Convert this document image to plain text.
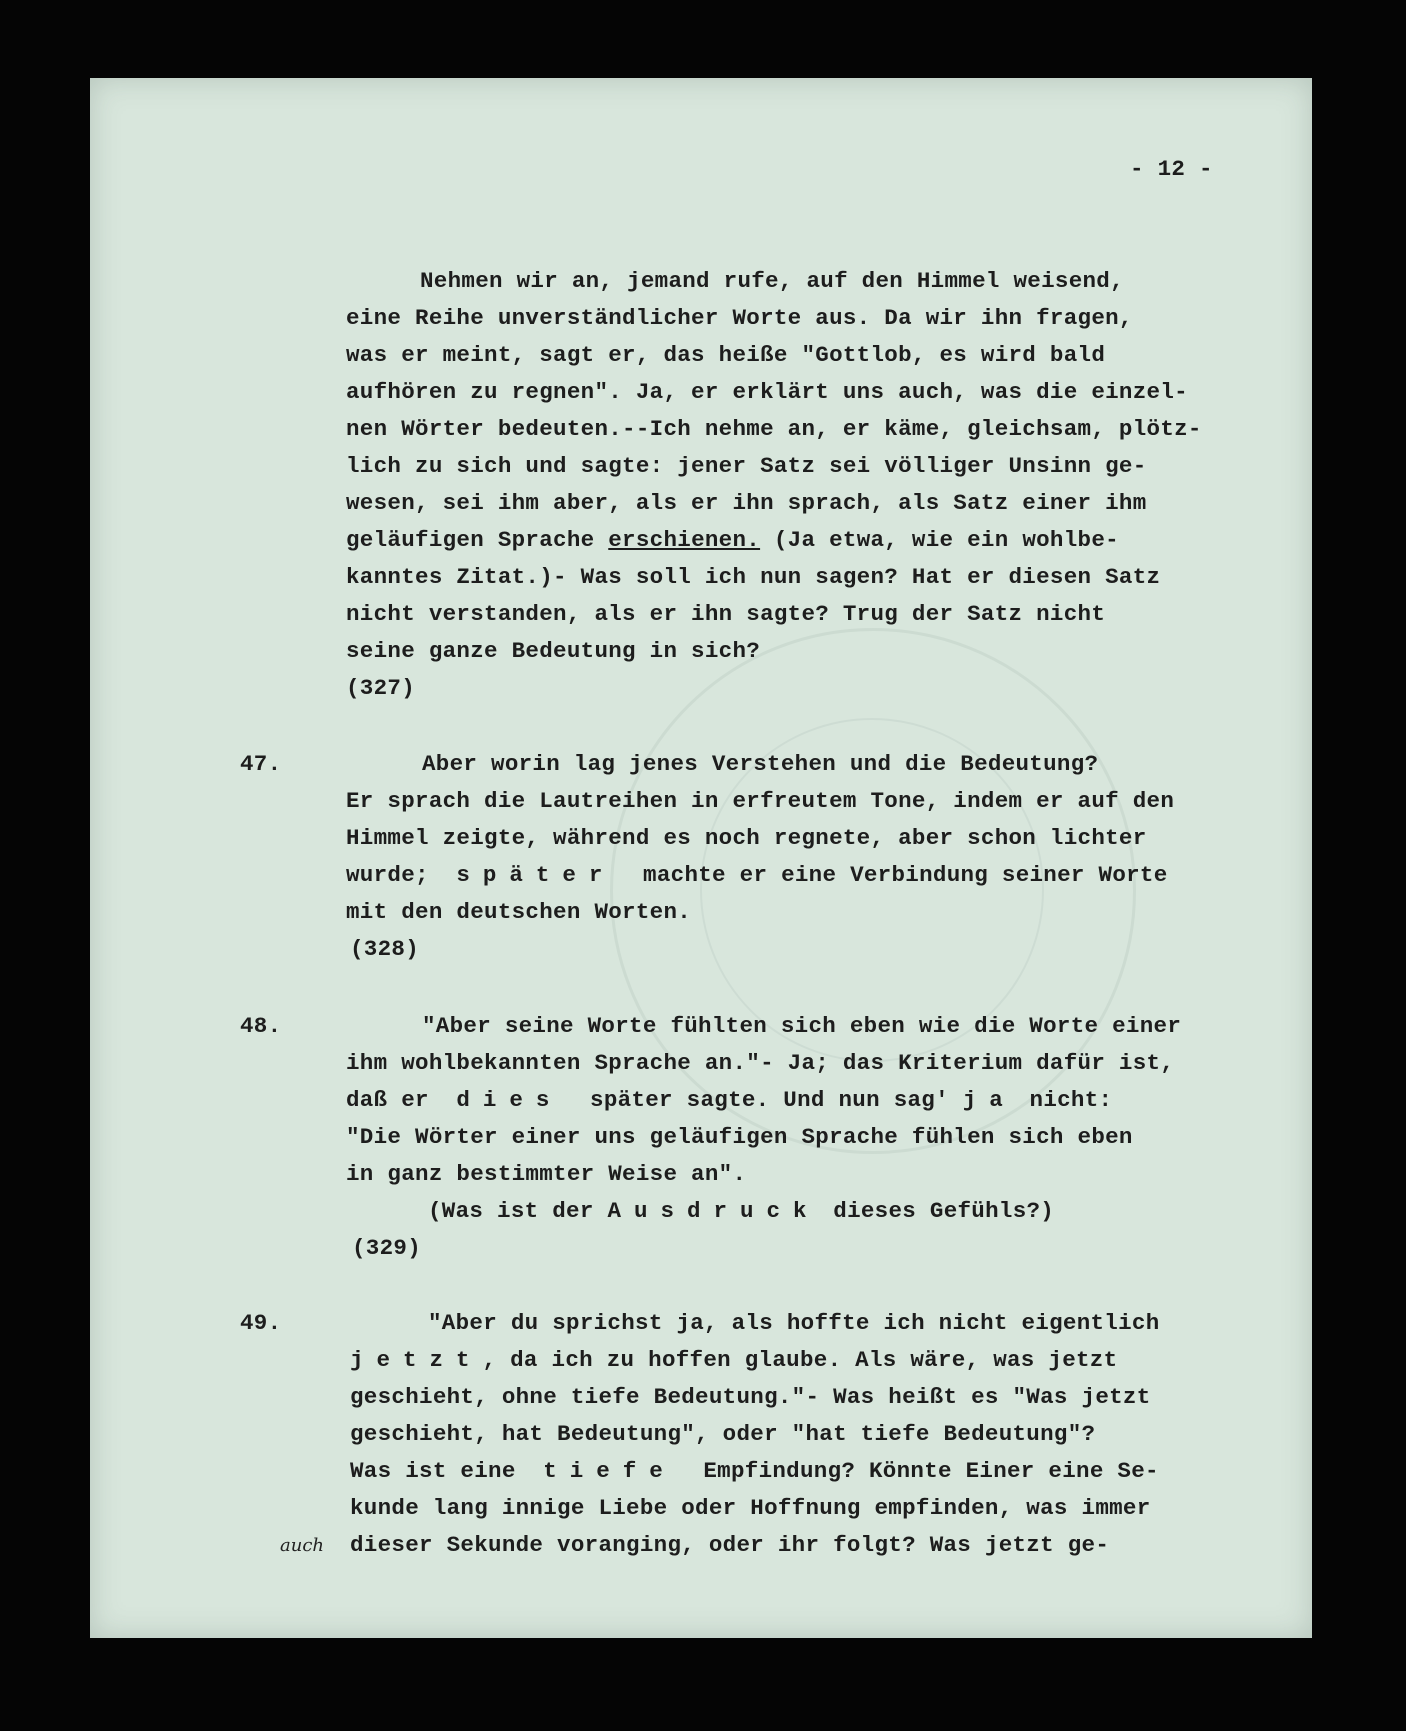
- 12 -
Nehmen wir an, jemand rufe, auf den Himmel weisend,
eine Reihe unverständlicher Worte aus. Da wir ihn fragen,
was er meint, sagt er, das heiße "Gottlob, es wird bald
aufhören zu regnen". Ja, er erklärt uns auch, was die einzel-
nen Wörter bedeuten.--Ich nehme an, er käme, gleichsam, plötz-
lich zu sich und sagte: jener Satz sei völliger Unsinn ge-
wesen, sei ihm aber, als er ihn sprach, als Satz einer ihm
geläufigen Sprache erschienen. (Ja etwa, wie ein wohlbe-
kanntes Zitat.)- Was soll ich nun sagen? Hat er diesen Satz
nicht verstanden, als er ihn sagte? Trug der Satz nicht
seine ganze Bedeutung in sich?
(327)
47.	Aber worin lag jenes Verstehen und die Bedeutung?
Er sprach die Lautreihen in erfreutem Tone, indem er auf den
Himmel zeigte, während es noch regnete, aber schon lichter
wurde;  später  machte er eine Verbindung seiner Worte
mit den deutschen Worten.
(328)
48.	"Aber seine Worte fühlten sich eben wie die Worte einer
ihm wohlbekannten Sprache an."- Ja; das Kriterium dafür ist,
daß er  dies  später sagte. Und nun sag' ja nicht:
"Die Wörter einer uns geläufigen Sprache fühlen sich eben
in ganz bestimmter Weise an".
(Was ist der Ausdruck dieses Gefühls?)
(329)
49.	"Aber du sprichst ja, als hoffte ich nicht eigentlich
jetzt, da ich zu hoffen glaube. Als wäre, was jetzt
geschieht, ohne tiefe Bedeutung."- Was heißt es "Was jetzt
geschieht, hat Bedeutung", oder "hat tiefe Bedeutung"?
Was ist eine  tiefe  Empfindung? Könnte Einer eine Se-
kunde lang innige Liebe oder Hoffnung empfinden, was immer
dieser Sekunde voranging, oder ihr folgt? Was jetzt ge-
auch
